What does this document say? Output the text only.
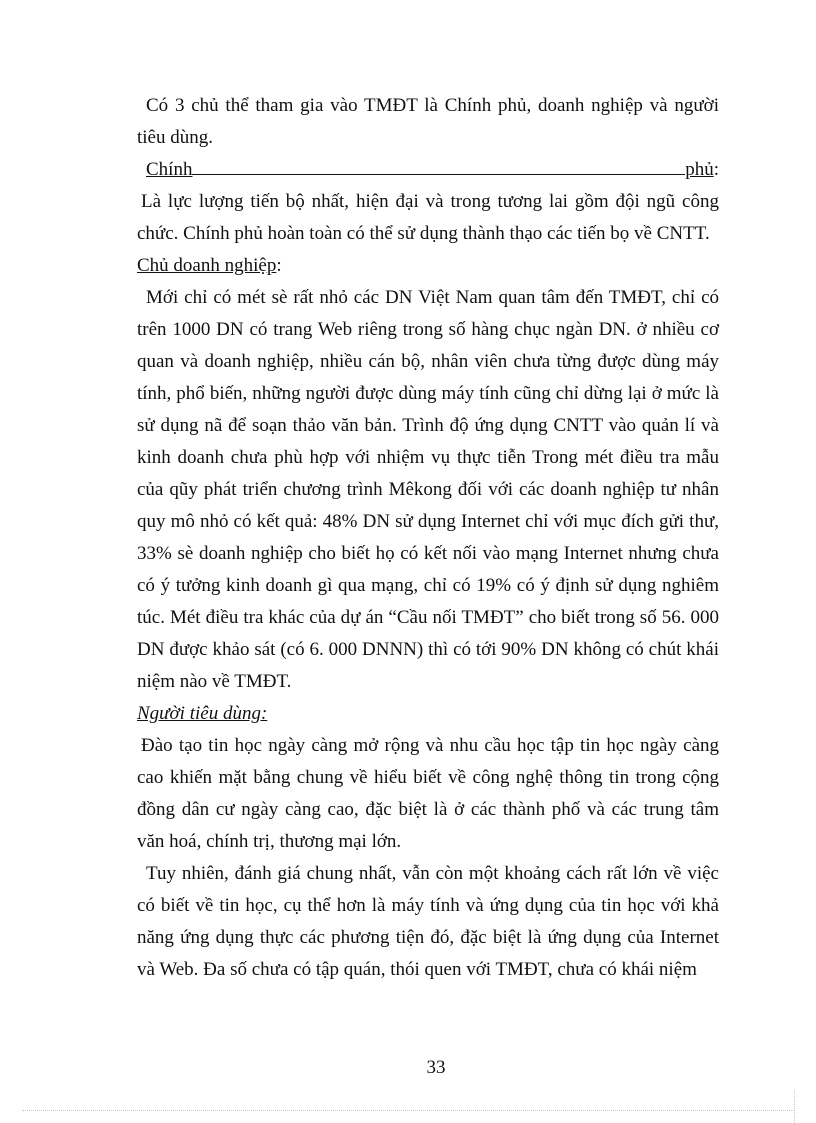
Có 3 chủ thể tham gia vào TMĐT là Chính phủ, doanh nghiệp và người tiêu dùng.

Chính	phủ :

Là lực lượng tiến bộ nhất, hiện đại và trong tương lai gồm đội ngũ công chức. Chính phủ hoàn toàn có thể sử dụng thành thạo các tiến bọ về CNTT.

Chủ doanh nghiệp:

Mới chỉ có mét sè rất nhỏ các DN Việt Nam quan tâm đến TMĐT, chỉ có trên 1000 DN có trang Web riêng trong số hàng chục ngàn DN. ở nhiều cơ quan và doanh nghiệp, nhiều cán bộ, nhân viên chưa từng được dùng máy tính, phổ biến, những người được dùng máy tính cũng chỉ dừng lại ở mức là sử dụng nã để soạn thảo văn bản. Trình độ ứng dụng CNTT vào quản lí và kinh doanh chưa phù hợp với nhiệm vụ thực tiễn Trong mét điều tra mẫu của qũy phát triển chương trình Mêkong đối với các doanh nghiệp tư nhân quy mô nhỏ có kết quả: 48% DN sử dụng Internet chỉ với mục đích gửi thư, 33% sè doanh nghiệp cho biết họ có kết nối vào mạng Internet nhưng chưa có ý tưởng kinh doanh gì qua mạng, chỉ có 19% có ý định sử dụng nghiêm túc. Mét điều tra khác của dự án “Cầu nối TMĐT” cho biết trong số 56. 000 DN được khảo sát (có 6. 000 DNNN) thì có tới 90% DN không có chút khái niệm nào về TMĐT.

Người tiêu dùng:

Đào tạo tin học ngày càng mở rộng và nhu cầu học tập tin học ngày càng cao khiến mặt bằng chung về hiểu biết về công nghệ thông tin trong cộng đồng dân cư ngày càng cao, đặc biệt là ở các thành phố và các trung tâm văn hoá, chính trị, thương mại lớn.

Tuy nhiên, đánh giá chung nhất, vẫn còn một khoảng cách rất lớn về việc có biết về tin học, cụ thể hơn là máy tính và ứng dụng của tin học với khả năng ứng dụng thực các phương tiện đó, đặc biệt là ứng dụng của Internet và Web. Đa số chưa có tập quán, thói quen với TMĐT, chưa có khái niệm

33
